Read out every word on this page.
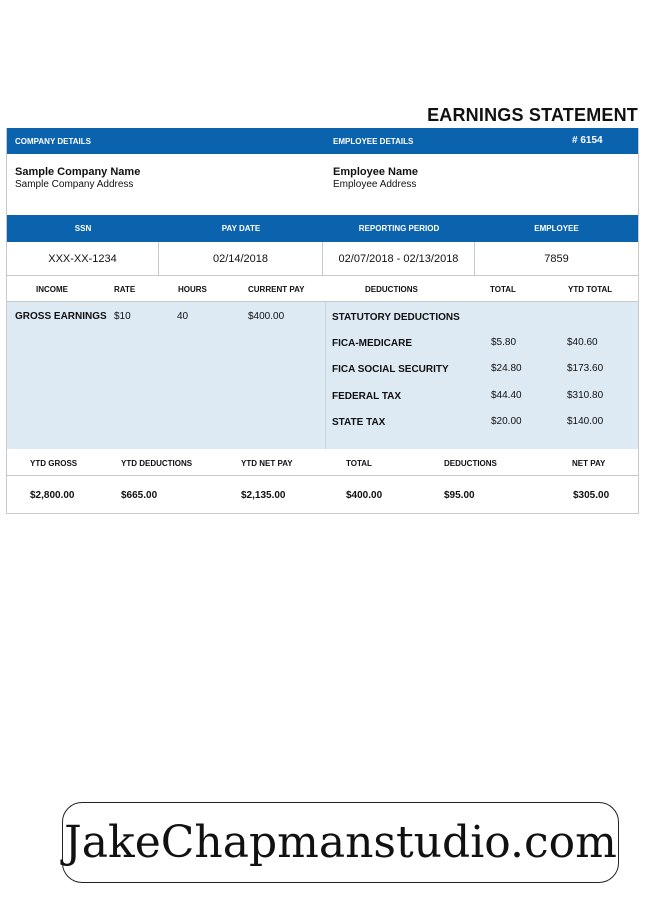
EARNINGS STATEMENT
COMPANY DETAILS	EMPLOYEE DETAILS	# 6154
Sample Company Name
Sample Company Address
Employee Name
Employee Address
SSN	PAY DATE	REPORTING PERIOD	EMPLOYEE
XXX-XX-1234	02/14/2018	02/07/2018 - 02/13/2018	7859
INCOME	RATE	HOURS	CURRENT PAY	DEDUCTIONS	TOTAL	YTD TOTAL
GROSS EARNINGS $10	40	$400.00	STATUTORY DEDUCTIONS
FICA-MEDICARE	$5.80	$40.60
FICA SOCIAL SECURITY	$24.80	$173.60
FEDERAL TAX	$44.40	$310.80
STATE TAX	$20.00	$140.00
YTD GROSS	YTD DEDUCTIONS	YTD NET PAY	TOTAL	DEDUCTIONS	NET PAY
$2,800.00	$665.00	$2,135.00	$400.00	$95.00	$305.00
JakeChapmanstudio.com
